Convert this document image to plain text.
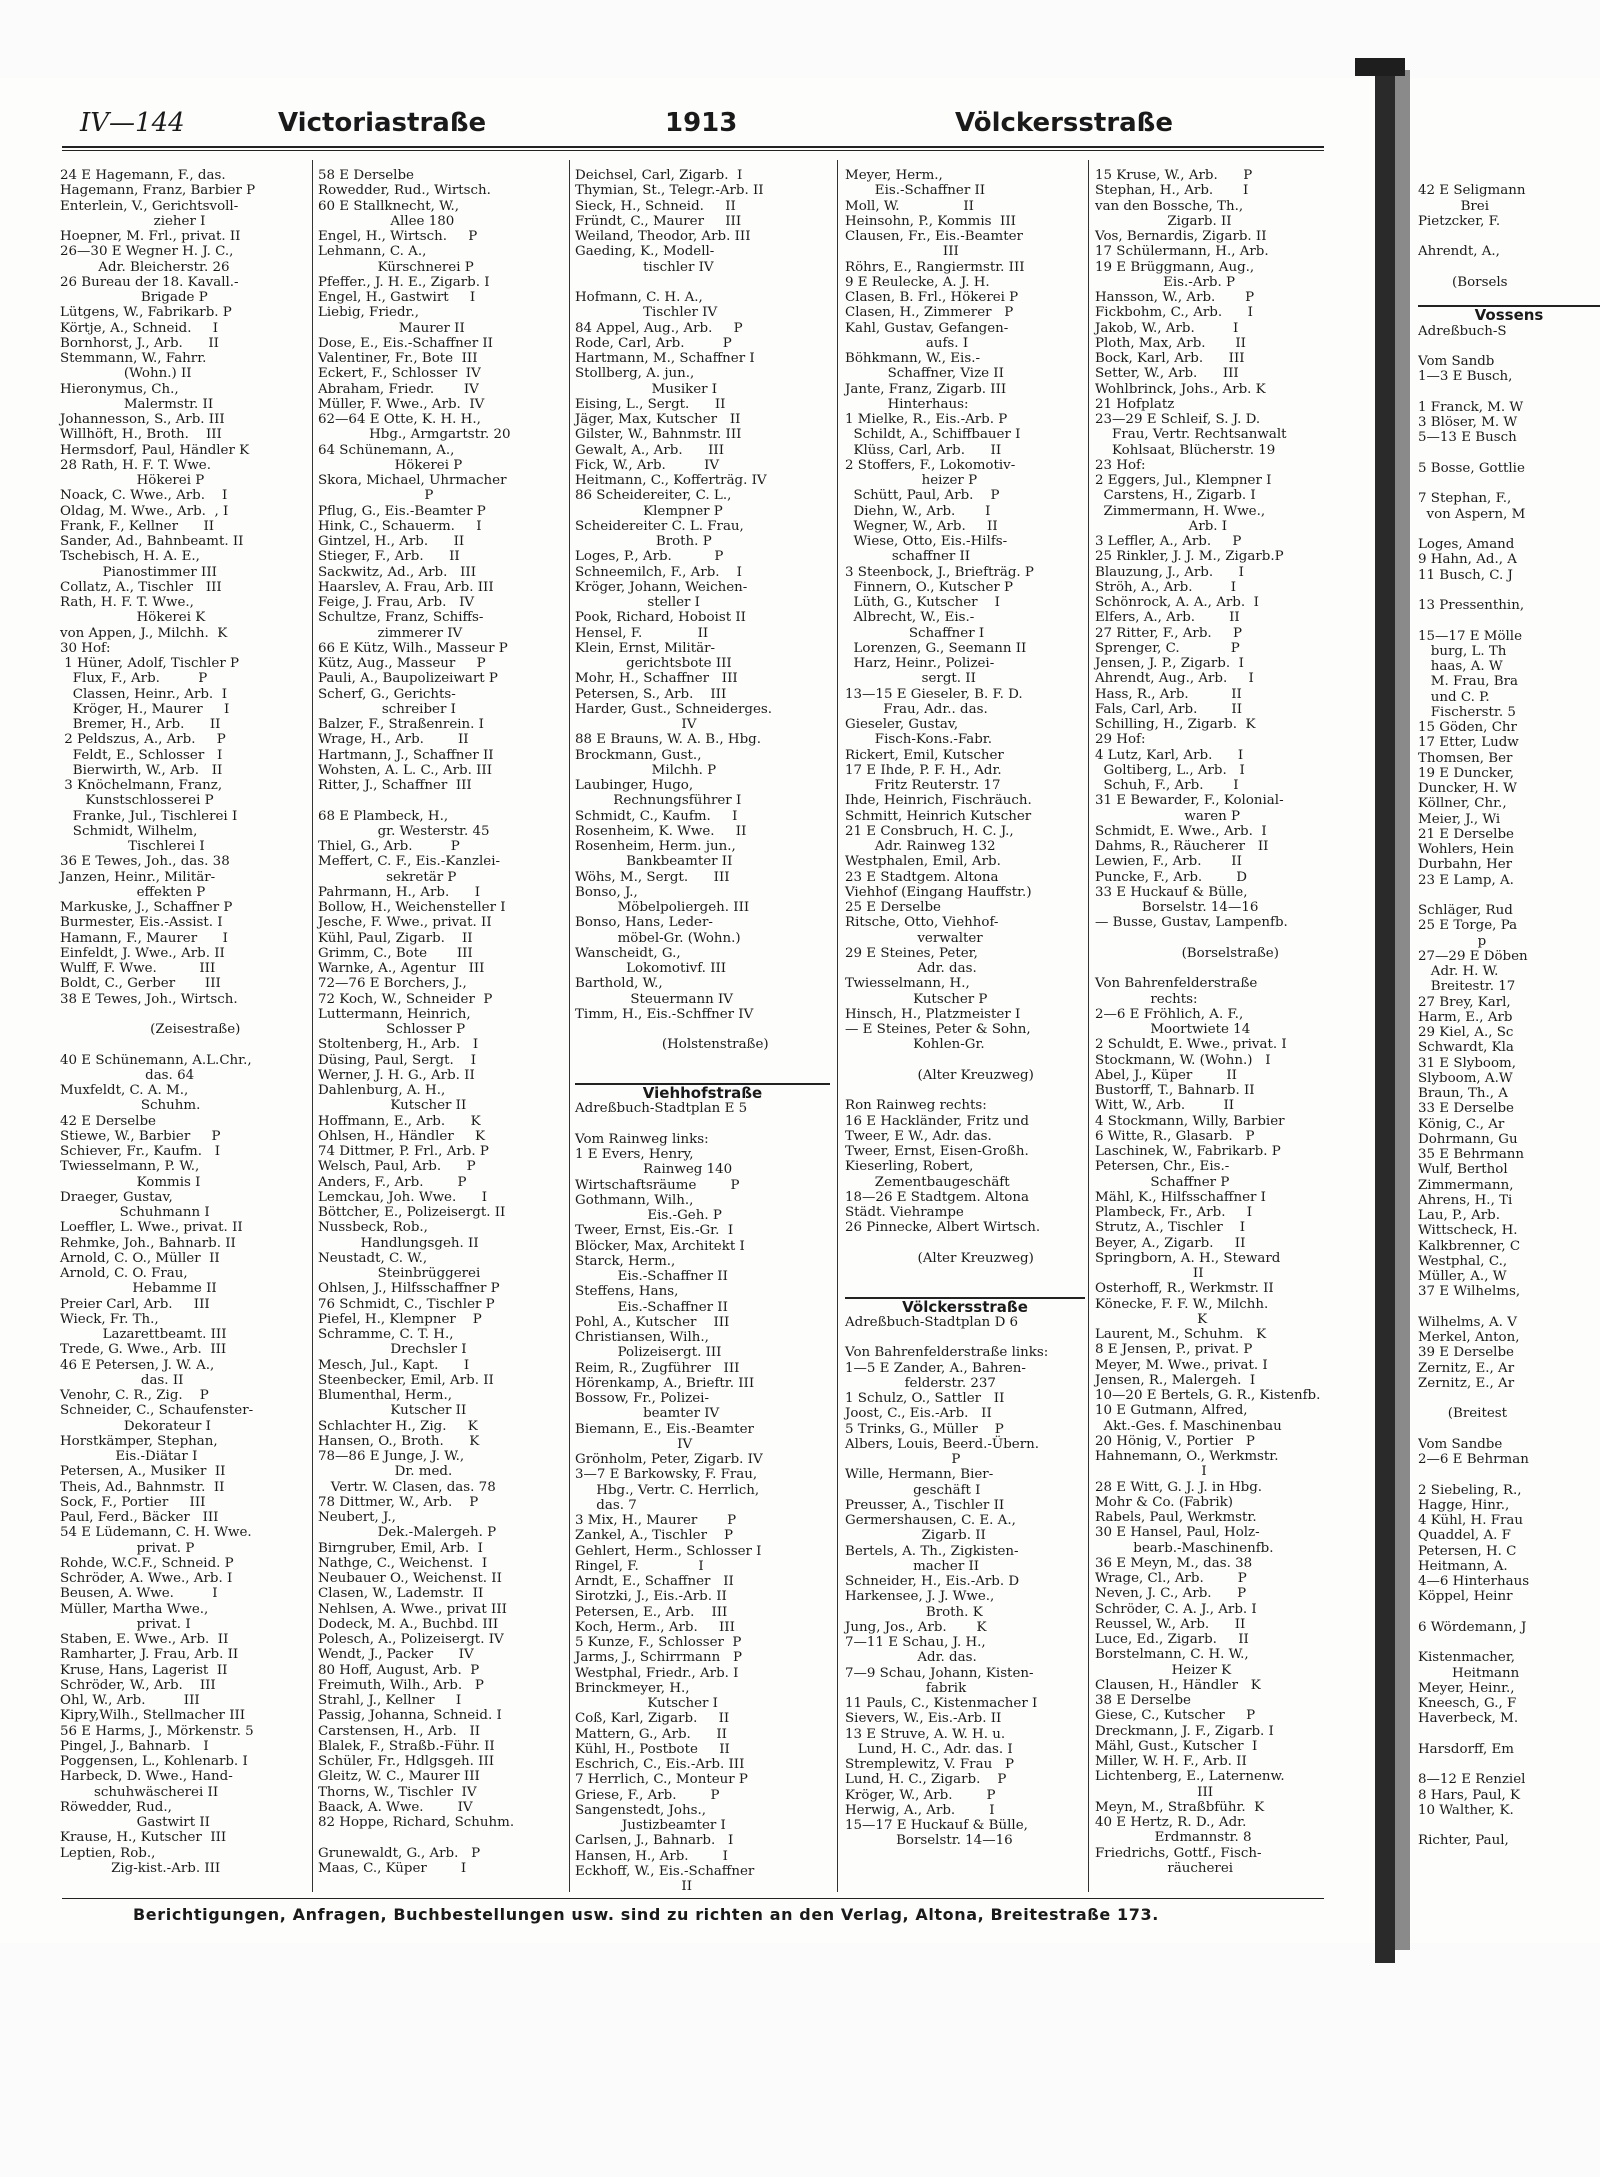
IV—144	Victoriastraße	1913	Völckersstraße
24 E Hagemann, F., das.
Hagemann, Franz, Barbier P
Enterlein, V., Gerichtsvoll-
zieher I
Hoepner, M. Frl., privat. II
26—30 E Wegner H. J. C.,
Adr. Bleicherstr. 26
26 Bureau der 18. Kavall.-
Brigade P
Lütgens, W., Fabrikarb. P
Körtje, A., Schneid.     I
Bornhorst, J., Arb.      II
Stemmann, W., Fahrr.
(Wohn.) II
Hieronymus, Ch.,
Malermstr. II
Johannesson, S., Arb. III
Willhöft, H., Broth.    III
Hermsdorf, Paul, Händler K
28 Rath, H. F. T. Wwe.
Hökerei P
Noack, C. Wwe., Arb.    I
Oldag, M. Wwe., Arb.  , I
Frank, F., Kellner      II
Sander, Ad., Bahnbeamt. II
Tschebisch, H. A. E.,
Pianostimmer III
Collatz, A., Tischler   III
Rath, H. F. T. Wwe.,
Hökerei K
von Appen, J., Milchh.  K
30 Hof:
1 Hüner, Adolf, Tischler P
Flux, F., Arb.         P
Classen, Heinr., Arb.  I
Kröger, H., Maurer     I
Bremer, H., Arb.      II
2 Peldszus, A., Arb.     P
Feldt, E., Schlosser   I
Bierwirth, W., Arb.   II
3 Knöchelmann, Franz,
Kunstschlosserei P
Franke, Jul., Tischlerei I
Schmidt, Wilhelm,
Tischlerei I
36 E Tewes, Joh., das. 38
Janzen, Heinr., Militär-
effekten P
Markuske, J., Schaffner P
Burmester, Eis.-Assist. I
Hamann, F., Maurer      I
Einfeldt, J. Wwe., Arb. II
Wulff, F. Wwe.          III
Boldt, C., Gerber       III
38 E Tewes, Joh., Wirtsch.
(Zeisestraße)
40 E Schünemann, A.L.Chr.,
das. 64
Muxfeldt, C. A. M.,
Schuhm.
42 E Derselbe
Stiewe, W., Barbier     P
Schiever, Fr., Kaufm.   I
Twiesselmann, P. W.,
Kommis I
Draeger, Gustav,
Schuhmann I
Loeffler, L. Wwe., privat. II
Rehmke, Joh., Bahnarb. II
Arnold, C. O., Müller  II
Arnold, C. O. Frau,
Hebamme II
Preier Carl, Arb.     III
Wieck, Fr. Th.,
Lazarettbeamt. III
Trede, G. Wwe., Arb.  III
46 E Petersen, J. W. A.,
das. II
Venohr, C. R., Zig.    P
Schneider, C., Schaufenster-
Dekorateur I
Horstkämper, Stephan,
Eis.-Diätar I
Petersen, A., Musiker  II
Theis, Ad., Bahnmstr.  II
Sock, F., Portier     III
Paul, Ferd., Bäcker   III
54 E Lüdemann, C. H. Wwe.
privat. P
Rohde, W.C.F., Schneid. P
Schröder, A. Wwe., Arb. I
Beusen, A. Wwe.         I
Müller, Martha Wwe.,
privat. I
Staben, E. Wwe., Arb.  II
Ramharter, J. Frau, Arb. II
Kruse, Hans, Lagerist  II
Schröder, W., Arb.    III
Ohl, W., Arb.         III
Kipry,Wilh., Stellmacher III
56 E Harms, J., Mörkenstr. 5
Pingel, J., Bahnarb.   I
Poggensen, L., Kohlenarb. I
Harbeck, D. Wwe., Hand-
schuhwäscherei II
Röwedder, Rud.,
Gastwirt II
Krause, H., Kutscher  III
Leptien, Rob.,
Zig-kist.-Arb. III
58 E Derselbe
Rowedder, Rud., Wirtsch.
60 E Stallknecht, W.,
Allee 180
Engel, H., Wirtsch.     P
Lehmann, C. A.,
Kürschnerei P
Pfeffer., J. H. E., Zigarb. I
Engel, H., Gastwirt     I
Liebig, Friedr.,
Maurer II
Dose, E., Eis.-Schaffner II
Valentiner, Fr., Bote  III
Eckert, F., Schlosser  IV
Abraham, Friedr.       IV
Müller, F. Wwe., Arb.  IV
62—64 E Otte, K. H. H.,
Hbg., Armgartstr. 20
64 Schünemann, A.,
Hökerei P
Skora, Michael, Uhrmacher
P
Pflug, G., Eis.-Beamter P
Hink, C., Schauerm.     I
Gintzel, H., Arb.      II
Stieger, F., Arb.      II
Sackwitz, Ad., Arb.   III
Haarslev, A. Frau, Arb. III
Feige, J. Frau, Arb.   IV
Schultze, Franz, Schiffs-
zimmerer IV
66 E Kütz, Wilh., Masseur P
Kütz, Aug., Masseur     P
Pauli, A., Baupolizeiwart P
Scherf, G., Gerichts-
schreiber I
Balzer, F., Straßenrein. I
Wrage, H., Arb.        II
Hartmann, J., Schaffner II
Wohsten, A. L. C., Arb. III
Ritter, J., Schaffner  III
68 E Plambeck, H.,
gr. Westerstr. 45
Thiel, G., Arb.         P
Meffert, C. F., Eis.-Kanzlei-
sekretär P
Pahrmann, H., Arb.      I
Bollow, H., Weichensteller I
Jesche, F. Wwe., privat. II
Kühl, Paul, Zigarb.    II
Grimm, C., Bote       III
Warnke, A., Agentur   III
72—76 E Borchers, J.,
72 Koch, W., Schneider  P
Luttermann, Heinrich,
Schlosser P
Stoltenberg, H., Arb.   I
Düsing, Paul, Sergt.    I
Werner, J. H. G., Arb. II
Dahlenburg, A. H.,
Kutscher II
Hoffmann, E., Arb.      K
Ohlsen, H., Händler     K
74 Dittmer, P. Frl., Arb. P
Welsch, Paul, Arb.      P
Anders, F., Arb.        P
Lemckau, Joh. Wwe.      I
Böttcher, E., Polizeisergt. II
Nussbeck, Rob.,
Handlungsgeh. II
Neustadt, C. W.,
Steinbrüggerei
Ohlsen, J., Hilfsschaffner P
76 Schmidt, C., Tischler P
Piefel, H., Klempner    P
Schramme, C. T. H.,
Drechsler I
Mesch, Jul., Kapt.      I
Steenbecker, Emil, Arb. II
Blumenthal, Herm.,
Kutscher II
Schlachter H., Zig.     K
Hansen, O., Broth.      K
78—86 E Junge, J. W.,
Dr. med.
Vertr. W. Clasen, das. 78
78 Dittmer, W., Arb.    P
Neubert, J.,
Dek.-Malergeh. P
Birngruber, Emil, Arb.  I
Nathge, C., Weichenst.  I
Neubauer O., Weichenst. II
Clasen, W., Lademstr.  II
Nehlsen, A. Wwe., privat III
Dodeck, M. A., Buchbd. III
Polesch, A., Polizeisergt. IV
Wendt, J., Packer      IV
80 Hoff, August, Arb.  P
Freimuth, Wilh., Arb.   P
Strahl, J., Kellner     I
Passig, Johanna, Schneid. I
Carstensen, H., Arb.   II
Blalek, F., Straßb.-Führ. II
Schüler, Fr., Hdlgsgeh. III
Gleitz, W. C., Maurer III
Thorns, W., Tischler  IV
Baack, A. Wwe.        IV
82 Hoppe, Richard, Schuhm.
Grunewaldt, G., Arb.   P
Maas, C., Küper        I
Deichsel, Carl, Zigarb.  I
Thymian, St., Telegr.-Arb. II
Sieck, H., Schneid.     II
Fründt, C., Maurer     III
Weiland, Theodor, Arb. III
Gaeding, K., Modell-
tischler IV
Hofmann, C. H. A.,
Tischler IV
84 Appel, Aug., Arb.     P
Rode, Carl, Arb.         P
Hartmann, M., Schaffner I
Stollberg, A. jun.,
Musiker I
Eising, L., Sergt.      II
Jäger, Max, Kutscher   II
Gilster, W., Bahnmstr. III
Gewalt, A., Arb.      III
Fick, W., Arb.         IV
Heitmann, C., Kofferträg. IV
86 Scheidereiter, C. L.,
Klempner P
Scheidereiter C. L. Frau,
Broth. P
Loges, P., Arb.          P
Schneemilch, F., Arb.    I
Kröger, Johann, Weichen-
steller I
Pook, Richard, Hoboist II
Hensel, F.             II
Klein, Ernst, Militär-
gerichtsbote III
Mohr, H., Schaffner   III
Petersen, S., Arb.    III
Harder, Gust., Schneiderges.
IV
88 E Brauns, W. A. B., Hbg.
Brockmann, Gust.,
Milchh. P
Laubinger, Hugo,
Rechnungsführer I
Schmidt, C., Kaufm.     I
Rosenheim, K. Wwe.     II
Rosenheim, Herm. jun.,
Bankbeamter II
Wöhs, M., Sergt.      III
Bonso, J.,
Möbelpoliergeh. III
Bonso, Hans, Leder-
möbel-Gr. (Wohn.)
Wanscheidt, G.,
Lokomotivf. III
Barthold, W.,
Steuermann IV
Timm, H., Eis.-Schffner IV
(Holstenstraße)
Viehhofstraße
Adreßbuch-Stadtplan E 5
Vom Rainweg links:
1 E Evers, Henry,
Rainweg 140
Wirtschaftsräume        P
Gothmann, Wilh.,
Eis.-Geh. P
Tweer, Ernst, Eis.-Gr.  I
Blöcker, Max, Architekt I
Starck, Herm.,
Eis.-Schaffner II
Steffens, Hans,
Eis.-Schaffner II
Pohl, A., Kutscher    III
Christiansen, Wilh.,
Polizeisergt. III
Reim, R., Zugführer   III
Hörenkamp, A., Brieftr. III
Bossow, Fr., Polizei-
beamter IV
Biemann, E., Eis.-Beamter
IV
Grönholm, Peter, Zigarb. IV
3—7 E Barkowsky, F. Frau,
Hbg., Vertr. C. Herrlich,
das. 7
3 Mix, H., Maurer       P
Zankel, A., Tischler    P
Gehlert, Herm., Schlosser I
Ringel, F.              I
Arndt, E., Schaffner   II
Sirotzki, J., Eis.-Arb. II
Petersen, E., Arb.    III
Koch, Herm., Arb.     III
5 Kunze, F., Schlosser  P
Jarms, J., Schirrmann   P
Westphal, Friedr., Arb. I
Brinckmeyer, H.,
Kutscher I
Coß, Karl, Zigarb.     II
Mattern, G., Arb.      II
Kühl, H., Postbote     II
Eschrich, C., Eis.-Arb. III
7 Herrlich, C., Monteur P
Griese, F., Arb.        P
Sangenstedt, Johs.,
Justizbeamter I
Carlsen, J., Bahnarb.   I
Hansen, H., Arb.        I
Eckhoff, W., Eis.-Schaffner
II
Meyer, Herm.,
Eis.-Schaffner II
Moll, W.               II
Heinsohn, P., Kommis  III
Clausen, Fr., Eis.-Beamter
III
Röhrs, E., Rangiermstr. III
9 E Reulecke, A. J. H.
Clasen, B. Frl., Hökerei P
Clasen, H., Zimmerer   P
Kahl, Gustav, Gefangen-
aufs. I
Böhkmann, W., Eis.-
Schaffner, Vize II
Jante, Franz, Zigarb. III
Hinterhaus:
1 Mielke, R., Eis.-Arb. P
Schildt, A., Schiffbauer I
Klüss, Carl, Arb.      II
2 Stoffers, F., Lokomotiv-
heizer P
Schütt, Paul, Arb.    P
Diehn, W., Arb.       I
Wegner, W., Arb.     II
Wiese, Otto, Eis.-Hilfs-
schaffner II
3 Steenbock, J., Briefträg. P
Finnern, O., Kutscher P
Lüth, G., Kutscher    I
Albrecht, W., Eis.-
Schaffner I
Lorenzen, G., Seemann II
Harz, Heinr., Polizei-
sergt. II
13—15 E Gieseler, B. F. D.
Frau, Adr.. das.
Gieseler, Gustav,
Fisch-Kons.-Fabr.
Rickert, Emil, Kutscher
17 E Ihde, P. F. H., Adr.
Fritz Reuterstr. 17
Ihde, Heinrich, Fischräuch.
Schmitt, Heinrich Kutscher
21 E Consbruch, H. C. J.,
Adr. Rainweg 132
Westphalen, Emil, Arb.
23 E Stadtgem. Altona
Viehhof (Eingang Hauffstr.)
25 E Derselbe
Ritsche, Otto, Viehhof-
verwalter
29 E Steines, Peter,
Adr. das.
Twiesselmann, H.,
Kutscher P
Hinsch, H., Platzmeister I
— E Steines, Peter & Sohn,
Kohlen-Gr.
(Alter Kreuzweg)
Ron Rainweg rechts:
16 E Hackländer, Fritz und
Tweer, E W., Adr. das.
Tweer, Ernst, Eisen-Großh.
Kieserling, Robert,
Zementbaugeschäft
18—26 E Stadtgem. Altona
Städt. Viehrampe
26 Pinnecke, Albert Wirtsch.
(Alter Kreuzweg)
Völckersstraße
Adreßbuch-Stadtplan D 6
Von Bahrenfelderstraße links:
1—5 E Zander, A., Bahren-
felderstr. 237
1 Schulz, O., Sattler   II
Joost, C., Eis.-Arb.   II
5 Trinks, G., Müller    P
Albers, Louis, Beerd.-Übern.
P
Wille, Hermann, Bier-
geschäft I
Preusser, A., Tischler II
Germershausen, C. E. A.,
Zigarb. II
Bertels, A. Th., Zigkisten-
macher II
Schneider, H., Eis.-Arb. D
Harkensee, J. J. Wwe.,
Broth. K
Jung, Jos., Arb.       K
7—11 E Schau, J. H.,
Adr. das.
7—9 Schau, Johann, Kisten-
fabrik
11 Pauls, C., Kistenmacher I
Sievers, W., Eis.-Arb. II
13 E Struve, A. W. H. u.
Lund, H. C., Adr. das. I
Stremplewitz, V. Frau   P
Lund, H. C., Zigarb.    P
Kröger, W., Arb.        P
Herwig, A., Arb.        I
15—17 E Huckauf & Bülle,
Borselstr. 14—16
15 Kruse, W., Arb.      P
Stephan, H., Arb.       I
van den Bossche, Th.,
Zigarb. II
Vos, Bernardis, Zigarb. II
17 Schülermann, H., Arb.
19 E Brüggmann, Aug.,
Eis.-Arb. P
Hansson, W., Arb.       P
Fickbohm, C., Arb.      I
Jakob, W., Arb.         I
Ploth, Max, Arb.       II
Bock, Karl, Arb.      III
Setter, W., Arb.      III
Wohlbrinck, Johs., Arb. K
21 Hofplatz
23—29 E Schleif, S. J. D.
Frau, Vertr. Rechtsanwalt
Kohlsaat, Blücherstr. 19
23 Hof:
2 Eggers, Jul., Klempner I
Carstens, H., Zigarb. I
Zimmermann, H. Wwe.,
Arb. I
3 Leffler, A., Arb.     P
25 Rinkler, J. J. M., Zigarb.P
Blauzung, J., Arb.      I
Ströh, A., Arb.         I
Schönrock, A. A., Arb.  I
Elfers, A., Arb.        II
27 Ritter, F., Arb.     P
Sprenger, C.            P
Jensen, J. P., Zigarb.  I
Ahrendt, Aug., Arb.     I
Hass, R., Arb.          II
Fals, Carl, Arb.        II
Schilling, H., Zigarb.  K
29 Hof:
4 Lutz, Karl, Arb.      I
Goltiberg, L., Arb.   I
Schuh, F., Arb.       I
31 E Bewarder, F., Kolonial-
waren P
Schmidt, E. Wwe., Arb.  I
Dahms, R., Räucherer   II
Lewien, F., Arb.       II
Puncke, F., Arb.        D
33 E Huckauf & Bülle,
Borselstr. 14—16
— Busse, Gustav, Lampenfb.
(Borselstraße)
Von Bahrenfelderstraße
rechts:
2—6 E Fröhlich, A. F.,
Moortwiete 14
2 Schuldt, E. Wwe., privat. I
Stockmann, W. (Wohn.)   I
Abel, J., Küper        II
Bustorff, T., Bahnarb. II
Witt, W., Arb.         II
4 Stockmann, Willy, Barbier
6 Witte, R., Glasarb.   P
Laschinek, W., Fabrikarb. P
Petersen, Chr., Eis.-
Schaffner P
Mähl, K., Hilfsschaffner I
Plambeck, Fr., Arb.     I
Strutz, A., Tischler    I
Beyer, A., Zigarb.     II
Springborn, A. H., Steward
II
Osterhoff, R., Werkmstr. II
Könecke, F. F. W., Milchh.
K
Laurent, M., Schuhm.   K
8 E Jensen, P., privat. P
Meyer, M. Wwe., privat. I
Jensen, R., Malergeh.  I
10—20 E Bertels, G. R., Kistenfb.
10 E Gutmann, Alfred,
Akt.-Ges. f. Maschinenbau
20 Hönig, V., Portier   P
Hahnemann, O., Werkmstr.
I
28 E Witt, G. J. J. in Hbg.
Mohr & Co. (Fabrik)
Rabels, Paul, Werkmstr.
30 E Hansel, Paul, Holz-
bearb.-Maschinenfb.
36 E Meyn, M., das. 38
Wrage, Cl., Arb.        P
Neven, J. C., Arb.      P
Schröder, C. A. J., Arb. I
Reussel, W., Arb.      II
Luce, Ed., Zigarb.     II
Borstelmann, C. H. W.,
Heizer K
Clausen, H., Händler   K
38 E Derselbe
Giese, C., Kutscher     P
Dreckmann, J. F., Zigarb. I
Mähl, Gust., Kutscher  I
Miller, W. H. F., Arb. II
Lichtenberg, E., Laternenw.
III
Meyn, M., Straßbführ.  K
40 E Hertz, R. D., Adr.
Erdmannstr. 8
Friedrichs, Gottf., Fisch-
räucherei
42 E Seligmann
Brei
Pietzcker, F.
Ahrendt, A.,
(Borsels
Vossens
Adreßbuch-S
Vom Sandb
1—3 E Busch,
1 Franck, M. W
3 Blöser, M. W
5—13 E Busch
5 Bosse, Gottlie
7 Stephan, F.,
von Aspern, M
Loges, Amand
9 Hahn, Ad., A
11 Busch, C. J
13 Pressenthin,
15—17 E Mölle
burg, L. Th
haas, A. W
M. Frau, Bra
und C. P.
Fischerstr. 5
15 Göden, Chr
17 Etter, Ludw
Thomsen, Ber
19 E Duncker,
Duncker, H. W
Köllner, Chr.,
Meier, J., Wi
21 E Derselbe
Wohlers, Hein
Durbahn, Her
23 E Lamp, A.
Schläger, Rud
25 E Torge, Pa
p
27—29 E Döben
Adr. H. W.
Breitestr. 17
27 Brey, Karl,
Harm, E., Arb
29 Kiel, A., Sc
Schwardt, Kla
31 E Slyboom,
Slyboom, A.W
Braun, Th., A
33 E Derselbe
König, C., Ar
Dohrmann, Gu
35 E Behrmann
Wulf, Berthol
Zimmermann,
Ahrens, H., Ti
Lau, P., Arb.
Wittscheck, H.
Kalkbrenner, C
Westphal, C.,
Müller, A., W
37 E Wilhelms,
Wilhelms, A. V
Merkel, Anton,
39 E Derselbe
Zernitz, E., Ar
Zernitz, E., Ar
(Breitest
Vom Sandbe
2—6 E Behrman
2 Siebeling, R.,
Hagge, Hinr.,
4 Kühl, H. Frau
Quaddel, A. F
Petersen, H. C
Heitmann, A.
4—6 Hinterhaus
Köppel, Heinr
6 Wördemann, J
Kistenmacher,
Heitmann
Meyer, Heinr.,
Kneesch, G., F
Haverbeck, M.
Harsdorff, Em
8—12 E Renziel
8 Hars, Paul, K
10 Walther, K.
Richter, Paul,
Berichtigungen, Anfragen, Buchbestellungen usw. sind zu richten an den Verlag, Altona, Breitestraße 173.
